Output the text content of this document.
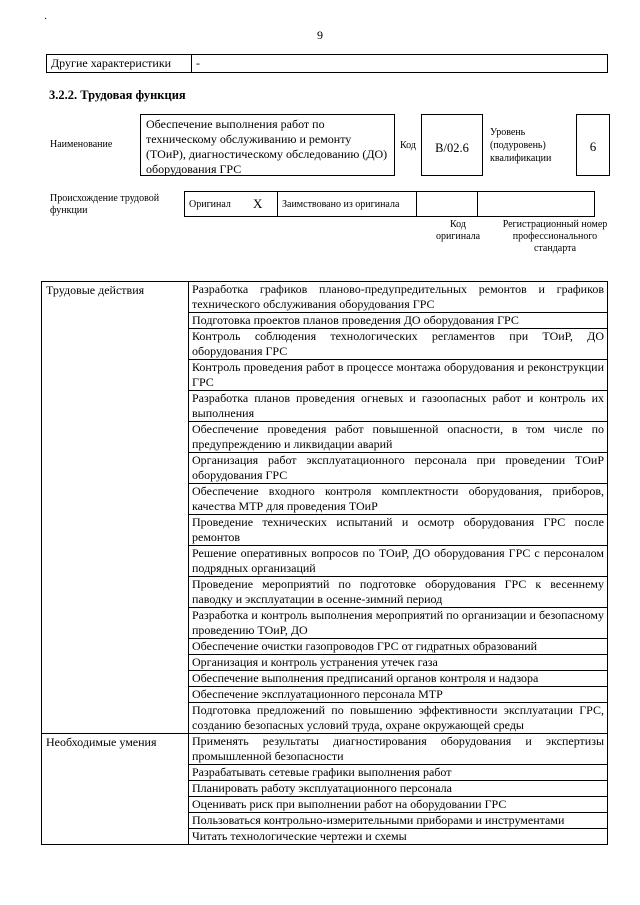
·
9
Другие характеристики	-
3.2.2. Трудовая функция
Наименование
Обеспечение выполнения работ по техническому обслуживанию и ремонту (ТОиР), диагностическому обследованию (ДО) оборудования ГРС
Код	B/02.6
Уровень (подуровень) квалификации
6
Происхождение трудовой функции
Оригинал	X	Заимствовано из оригинала		
Код оригинала
Регистрационный номер профессионального стандарта
Трудовые действия	Разработка графиков планово-предупредительных ремонтов и графиков технического обслуживания оборудования ГРС
	Подготовка проектов планов проведения ДО оборудования ГРС
	Контроль соблюдения технологических регламентов при ТОиР, ДО оборудования ГРС
	Контроль проведения работ в процессе монтажа оборудования и реконструкции ГРС
	Разработка планов проведения огневых и газоопасных работ и контроль их выполнения
	Обеспечение проведения работ повышенной опасности, в том числе по предупреждению и ликвидации аварий
	Организация работ эксплуатационного персонала при проведении ТОиР оборудования ГРС
	Обеспечение входного контроля комплектности оборудования, приборов, качества МТР для проведения ТОиР
	Проведение технических испытаний и осмотр оборудования ГРС после ремонтов
	Решение оперативных вопросов по ТОиР, ДО оборудования ГРС с персоналом подрядных организаций
	Проведение мероприятий по подготовке оборудования ГРС к весеннему паводку и эксплуатации в осенне-зимний период
	Разработка и контроль выполнения мероприятий по организации и безопасному проведению ТОиР, ДО
	Обеспечение очистки газопроводов ГРС от гидратных образований
	Организация и контроль устранения утечек газа
	Обеспечение выполнения предписаний органов контроля и надзора
	Обеспечение эксплуатационного персонала МТР
	Подготовка предложений по повышению эффективности эксплуатации ГРС, созданию безопасных условий труда, охране окружающей среды
Необходимые умения	Применять результаты диагностирования оборудования и экспертизы промышленной безопасности
	Разрабатывать сетевые графики выполнения работ
	Планировать работу эксплуатационного персонала
	Оценивать риск при выполнении работ на оборудовании ГРС
	Пользоваться контрольно-измерительными приборами и инструментами
	Читать технологические чертежи и схемы
